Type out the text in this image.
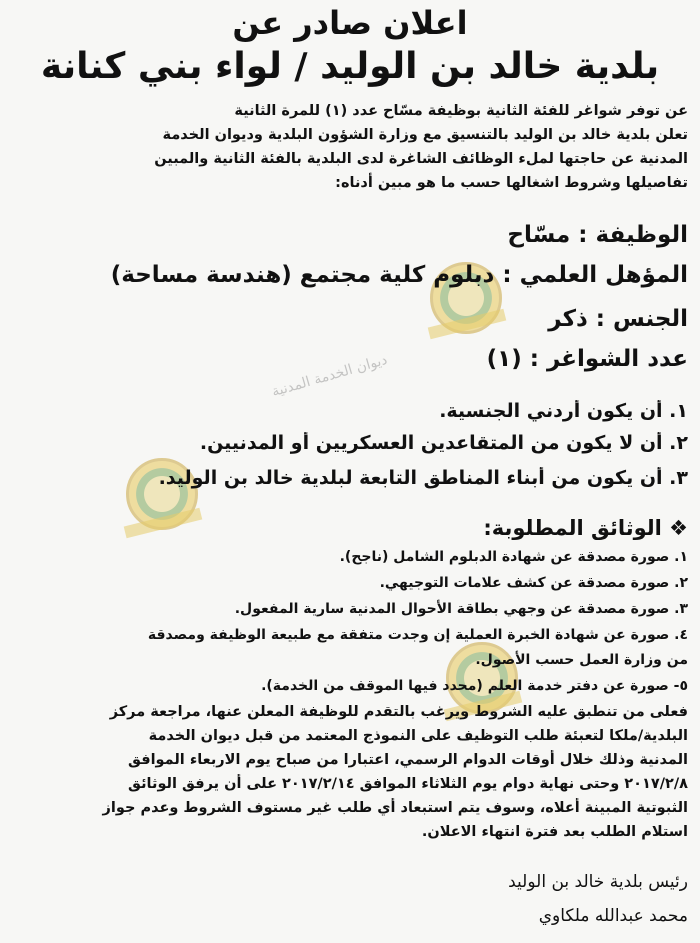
ديوان الخدمة المدنية
اعلان صادر عن
بلدية خالد بن الوليد / لواء بني كنانة
عن توفر شواغر للفئة الثانية بوظيفة مسّاح عدد (١) للمرة الثانية
تعلن بلدية خالد بن الوليد بالتنسيق مع وزارة الشؤون البلدية وديوان الخدمة
المدنية عن حاجتها لملء الوظائف الشاغرة لدى البلدية بالفئة الثانية والمبين
تفاصيلها وشروط اشغالها حسب ما هو مبين أدناه:
الوظيفة : مسّاح
المؤهل العلمي : دبلوم كلية مجتمع (هندسة مساحة)
الجنس : ذكر
عدد الشواغر : (١)
١. أن يكون أردني الجنسية.
٢. أن لا يكون من المتقاعدين العسكريين أو المدنيين.
٣. أن يكون من أبناء المناطق التابعة لبلدية خالد بن الوليد.
❖ الوثائق المطلوبة:
١. صورة مصدقة عن شهادة الدبلوم الشامل (ناجح).
٢. صورة مصدقة عن كشف علامات التوجيهي.
٣. صورة مصدقة عن وجهي بطاقة الأحوال المدنية سارية المفعول.
٤. صورة عن شهادة الخبرة العملية إن وجدت متفقة مع طبيعة الوظيفة ومصدقة
من وزارة العمل حسب الأصول.
٥- صورة عن دفتر خدمة العلم (محدد فيها الموقف من الخدمة).
فعلى من تنطبق عليه الشروط ويرغب بالتقدم للوظيفة المعلن عنها، مراجعة مركز
البلدية/ملكا لتعبئة طلب التوظيف على النموذج المعتمد من قبل ديوان الخدمة
المدنية وذلك خلال أوقات الدوام الرسمي، اعتبارا من صباح يوم الاربعاء الموافق
٢٠١٧/٢/٨ وحتى نهاية دوام يوم الثلاثاء الموافق ٢٠١٧/٢/١٤ على أن يرفق الوثائق
الثبوتية المبينة أعلاه، وسوف يتم استبعاد أي طلب غير مستوف الشروط وعدم جواز
استلام الطلب بعد فترة انتهاء الاعلان.
رئيس بلدية خالد بن الوليد
محمد عبدالله ملكاوي
